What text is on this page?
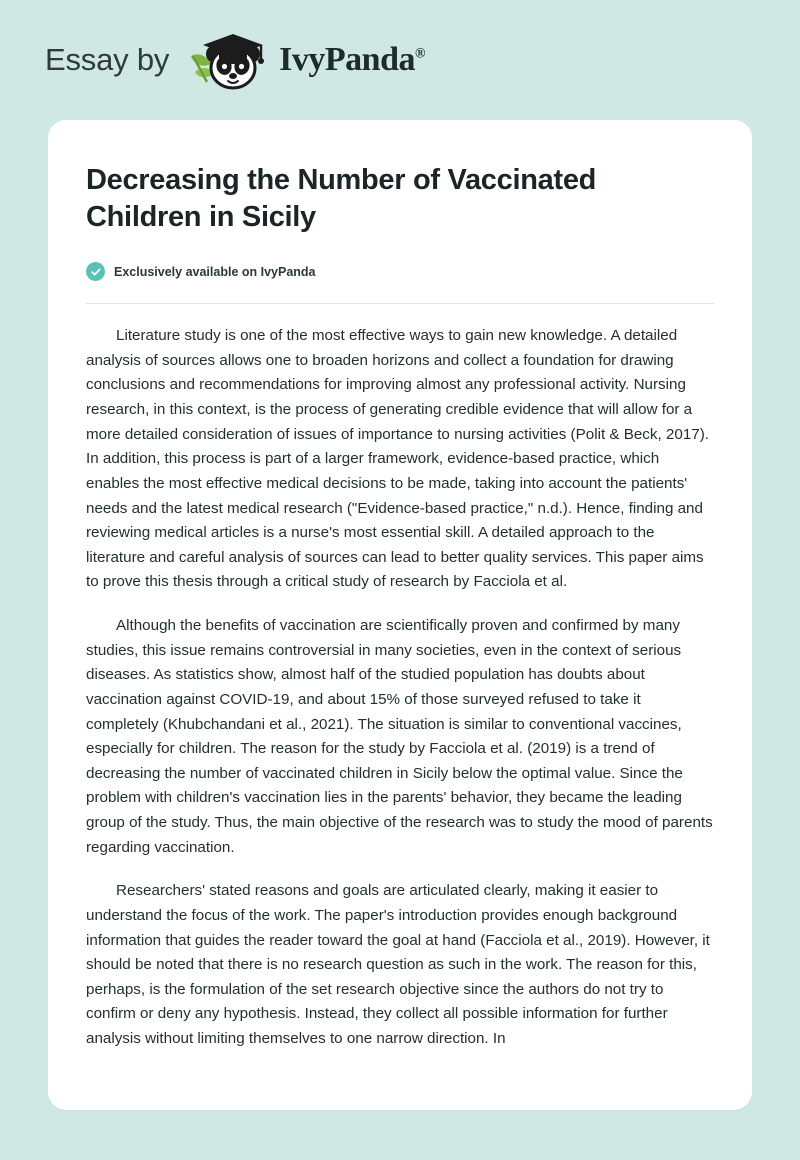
Essay by	IvyPanda®
Decreasing the Number of Vaccinated Children in Sicily
Exclusively available on IvyPanda

Literature study is one of the most effective ways to gain new knowledge. A detailed analysis of sources allows one to broaden horizons and collect a foundation for drawing conclusions and recommendations for improving almost any professional activity. Nursing research, in this context, is the process of generating credible evidence that will allow for a more detailed consideration of issues of importance to nursing activities (Polit & Beck, 2017). In addition, this process is part of a larger framework, evidence-based practice, which enables the most effective medical decisions to be made, taking into account the patients' needs and the latest medical research ("Evidence-based practice," n.d.). Hence, finding and reviewing medical articles is a nurse's most essential skill. A detailed approach to the literature and careful analysis of sources can lead to better quality services. This paper aims to prove this thesis through a critical study of research by Facciola et al.

Although the benefits of vaccination are scientifically proven and confirmed by many studies, this issue remains controversial in many societies, even in the context of serious diseases. As statistics show, almost half of the studied population has doubts about vaccination against COVID-19, and about 15% of those surveyed refused to take it completely (Khubchandani et al., 2021). The situation is similar to conventional vaccines, especially for children. The reason for the study by Facciola et al. (2019) is a trend of decreasing the number of vaccinated children in Sicily below the optimal value. Since the problem with children's vaccination lies in the parents' behavior, they became the leading group of the study. Thus, the main objective of the research was to study the mood of parents regarding vaccination.

Researchers' stated reasons and goals are articulated clearly, making it easier to understand the focus of the work. The paper's introduction provides enough background information that guides the reader toward the goal at hand (Facciola et al., 2019). However, it should be noted that there is no research question as such in the work. The reason for this, perhaps, is the formulation of the set research objective since the authors do not try to confirm or deny any hypothesis. Instead, they collect all possible information for further analysis without limiting themselves to one narrow direction. In
